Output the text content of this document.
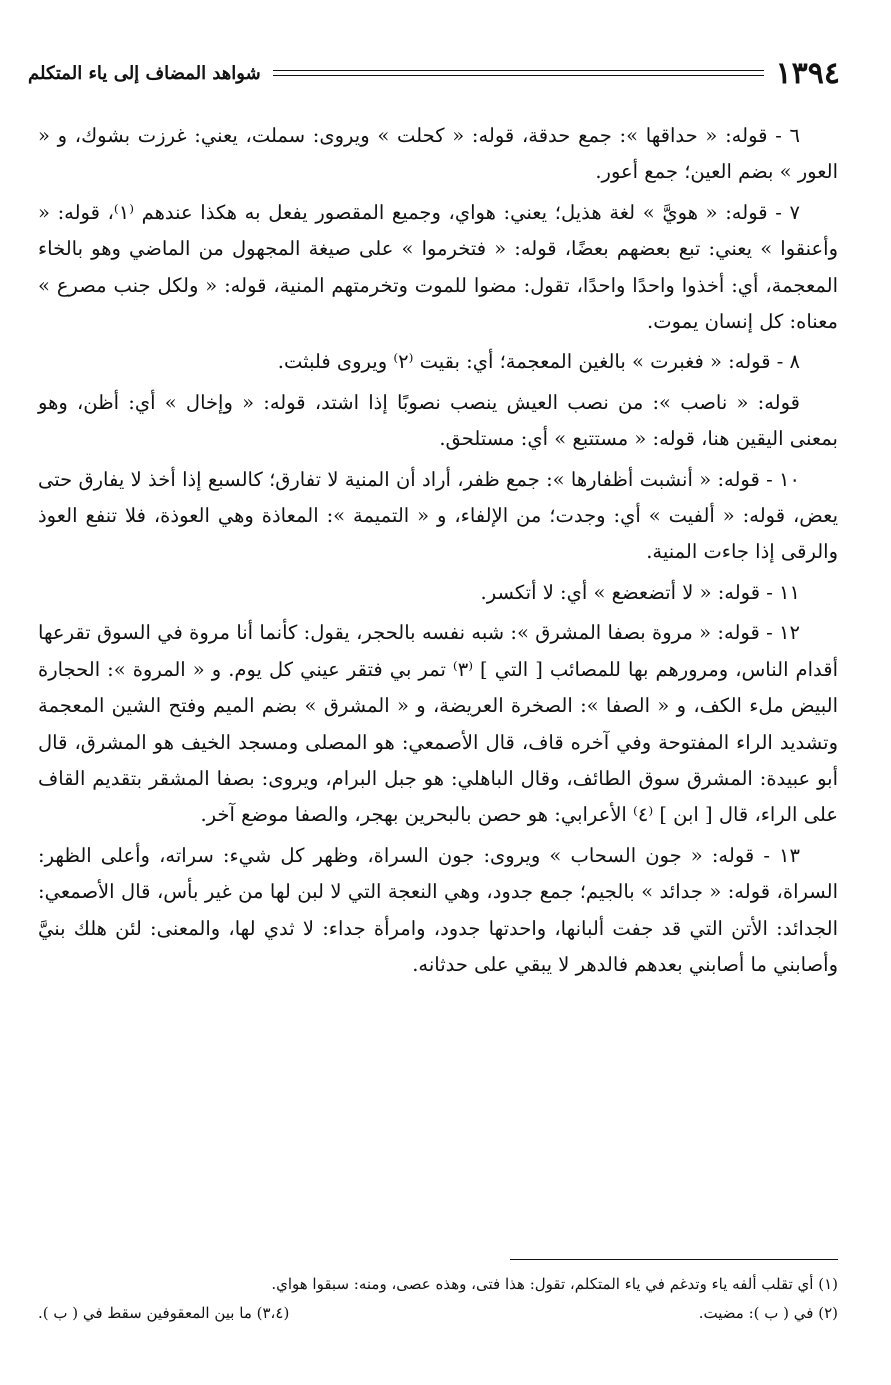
١٣٩٤
شواهد المضاف إلى ياء المتكلم

٦ - قوله: « حداقها »: جمع حدقة، قوله: « كحلت » ويروى: سملت، يعني: غرزت بشوك، و « العور » بضم العين؛ جمع أعور.

٧ - قوله: « هويَّ » لغة هذيل؛ يعني: هواي، وجميع المقصور يفعل به هكذا عندهم ⁽١⁾، قوله: « وأعنقوا » يعني: تبع بعضهم بعضًا، قوله: « فتخرموا » على صيغة المجهول من الماضي وهو بالخاء المعجمة، أي: أخذوا واحدًا واحدًا، تقول: مضوا للموت وتخرمتهم المنية، قوله: « ولكل جنب مصرع » معناه: كل إنسان يموت.

٨ - قوله: « فغبرت » بالغين المعجمة؛ أي: بقيت ⁽٢⁾ ويروى فلبثت.

قوله: « ناصب »: من نصب العيش ينصب نصوبًا إذا اشتد، قوله: « وإخال » أي: أظن، وهو بمعنى اليقين هنا، قوله: « مستتبع » أي: مستلحق.

١٠ - قوله: « أنشبت أظفارها »: جمع ظفر، أراد أن المنية لا تفارق؛ كالسبع إذا أخذ لا يفارق حتى يعض، قوله: « ألفيت » أي: وجدت؛ من الإلفاء، و « التميمة »: المعاذة وهي العوذة، فلا تنفع العوذ والرقى إذا جاءت المنية.

١١ - قوله: « لا أتضعضع » أي: لا أتكسر.

١٢ - قوله: « مروة بصفا المشرق »: شبه نفسه بالحجر، يقول: كأنما أنا مروة في السوق تقرعها أقدام الناس، ومرورهم بها للمصائب [ التي ] ⁽٣⁾ تمر بي فتقر عيني كل يوم. و « المروة »: الحجارة البيض ملء الكف، و « الصفا »: الصخرة العريضة، و « المشرق » بضم الميم وفتح الشين المعجمة وتشديد الراء المفتوحة وفي آخره قاف، قال الأصمعي: هو المصلى ومسجد الخيف هو المشرق، قال أبو عبيدة: المشرق سوق الطائف، وقال الباهلي: هو جبل البرام، ويروى: بصفا المشقر بتقديم القاف على الراء، قال [ ابن ] ⁽٤⁾ الأعرابي: هو حصن بالبحرين بهجر، والصفا موضع آخر.

١٣ - قوله: « جون السحاب » ويروى: جون السراة، وظهر كل شيء: سراته، وأعلى الظهر: السراة، قوله: « جدائد » بالجيم؛ جمع جدود، وهي النعجة التي لا لبن لها من غير بأس، قال الأصمعي: الجدائد: الأتن التي قد جفت ألبانها، واحدتها جدود، وامرأة جداء: لا ثدي لها، والمعنى: لئن هلك بنيَّ وأصابني ما أصابني بعدهم فالدهر لا يبقي على حدثانه.

(١) أي تقلب ألفه ياء وتدغم في ياء المتكلم، تقول: هذا فتى، وهذه عصى، ومنه: سبقوا هواي.
(٢) في ( ب ): مضيت.
(٣،٤) ما بين المعقوفين سقط في ( ب ).
